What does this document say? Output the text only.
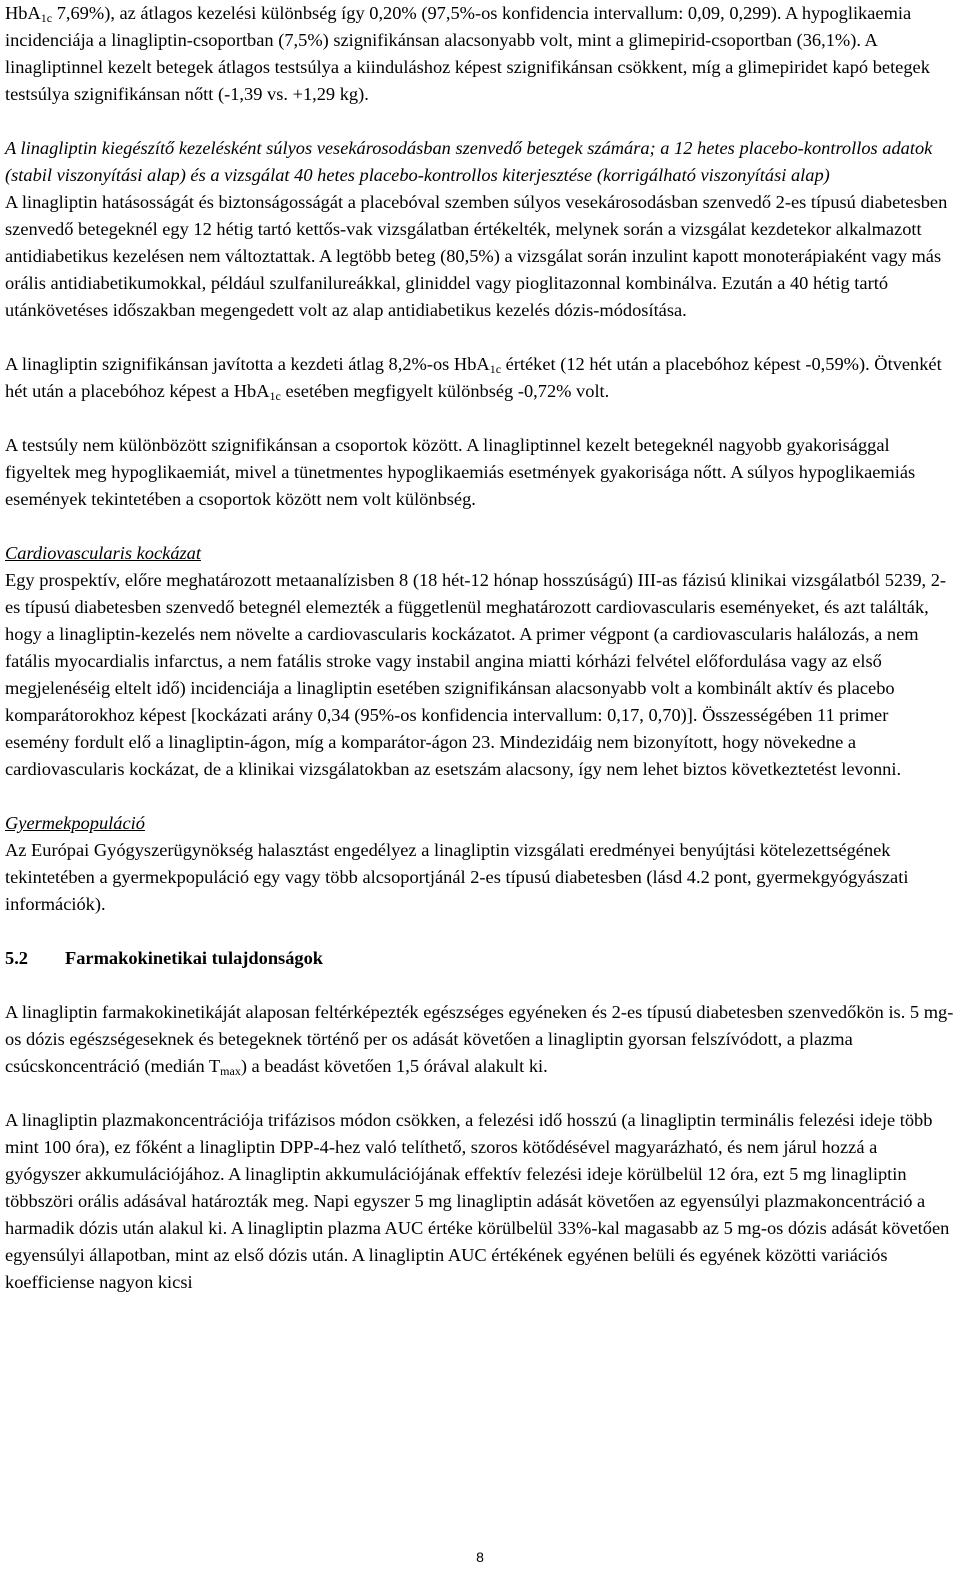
HbA$_{1c}$ 7,69%), az átlagos kezelési különbség így 0,20% (97,5%-os konfidencia intervallum: 0,09, 0,299). A hypoglikaemia incidenciája a linagliptin-csoportban (7,5%) szignifikánsan alacsonyabb volt, mint a glimepirid-csoportban (36,1%). A linagliptinnel kezelt betegek átlagos testsúlya a kiinduláshoz képest szignifikánsan csökkent, míg a glimepiridet kapó betegek testsúlya szignifikánsan nőtt (-1,39 vs. +1,29 kg).

A linagliptin kiegészítő kezelésként súlyos vesekárosodásban szenvedő betegek számára; a 12 hetes placebo-kontrollos adatok (stabil viszonyítási alap) és a vizsgálat 40 hetes placebo-kontrollos kiterjesztése (korrigálható viszonyítási alap)

A linagliptin hatásosságát és biztonságosságát a placebóval szemben súlyos vesekárosodásban szenvedő 2-es típusú diabetesben szenvedő betegeknél egy 12 hétig tartó kettős-vak vizsgálatban értékelték, melynek során a vizsgálat kezdetekor alkalmazott antidiabetikus kezelésen nem változtattak. A legtöbb beteg (80,5%) a vizsgálat során inzulint kapott monoterápiaként vagy más orális antidiabetikumokkal, például szulfanilureákkal, gliniddel vagy pioglitazonnal kombinálva. Ezután a 40 hétig tartó utánkövetéses időszakban megengedett volt az alap antidiabetikus kezelés dózis-módosítása.

A linagliptin szignifikánsan javította a kezdeti átlag 8,2%-os HbA$_{1c}$ értéket (12 hét után a placebóhoz képest -0,59%). Ötvenkét hét után a placebóhoz képest a HbA$_{1c}$ esetében megfigyelt különbség -0,72% volt.

A testsúly nem különbözött szignifikánsan a csoportok között. A linagliptinnel kezelt betegeknél nagyobb gyakorisággal figyeltek meg hypoglikaemiát, mivel a tünetmentes hypoglikaemiás esetmények gyakorisága nőtt. A súlyos hypoglikaemiás események tekintetében a csoportok között nem volt különbség.

Cardiovascularis kockázat

Egy prospektív, előre meghatározott metaanalízisben 8 (18 hét-12 hónap hosszúságú) III-as fázisú klinikai vizsgálatból 5239, 2-es típusú diabetesben szenvedő betegnél elemezték a függetlenül meghatározott cardiovascularis eseményeket, és azt találták, hogy a linagliptin-kezelés nem növelte a cardiovascularis kockázatot. A primer végpont (a cardiovascularis halálozás, a nem fatális myocardialis infarctus, a nem fatális stroke vagy instabil angina miatti kórházi felvétel előfordulása vagy az első megjelenéséig eltelt idő) incidenciája a linagliptin esetében szignifikánsan alacsonyabb volt a kombinált aktív és placebo komparátorokhoz képest [kockázati arány 0,34 (95%-os konfidencia intervallum: 0,17, 0,70)]. Összességében 11 primer esemény fordult elő a linagliptin-ágon, míg a komparátor-ágon 23. Mindezidáig nem bizonyított, hogy növekedne a cardiovascularis kockázat, de a klinikai vizsgálatokban az esetszám alacsony, így nem lehet biztos következtetést levonni.

Gyermekpopuláció

Az Európai Gyógyszerügynökség halasztást engedélyez a linagliptin vizsgálati eredményei benyújtási kötelezettségének tekintetében a gyermekpopuláció egy vagy több alcsoportjánál 2-es típusú diabetesben (lásd 4.2 pont, gyermekgyógyászati információk).

5.2 Farmakokinetikai tulajdonságok

A linagliptin farmakokinetikáját alaposan feltérképezték egészséges egyéneken és 2-es típusú diabetesben szenvedőkön is. 5 mg-os dózis egészségeseknek és betegeknek történő per os adását követően a linagliptin gyorsan felszívódott, a plazma csúcskoncentráció (medián $T_{max}$) a beadást követően 1,5 órával alakult ki.

A linagliptin plazmakoncentrációja trifázisos módon csökken, a felezési idő hosszú (a linagliptin terminális felezési ideje több mint 100 óra), ez főként a linagliptin DPP-4-hez való telíthető, szoros kötődésével magyarázható, és nem járul hozzá a gyógyszer akkumulációjához. A linagliptin akkumulációjának effektív felezési ideje körülbelül 12 óra, ezt 5 mg linagliptin többszöri orális adásával határozták meg. Napi egyszer 5 mg linagliptin adását követően az egyensúlyi plazmakoncentráció a harmadik dózis után alakul ki. A linagliptin plazma AUC értéke körülbelül 33%-kal magasabb az 5 mg-os dózis adását követően egyensúlyi állapotban, mint az első dózis után. A linagliptin AUC értékének egyénen belüli és egyének közötti variációs koefficiense nagyon kicsi

8
